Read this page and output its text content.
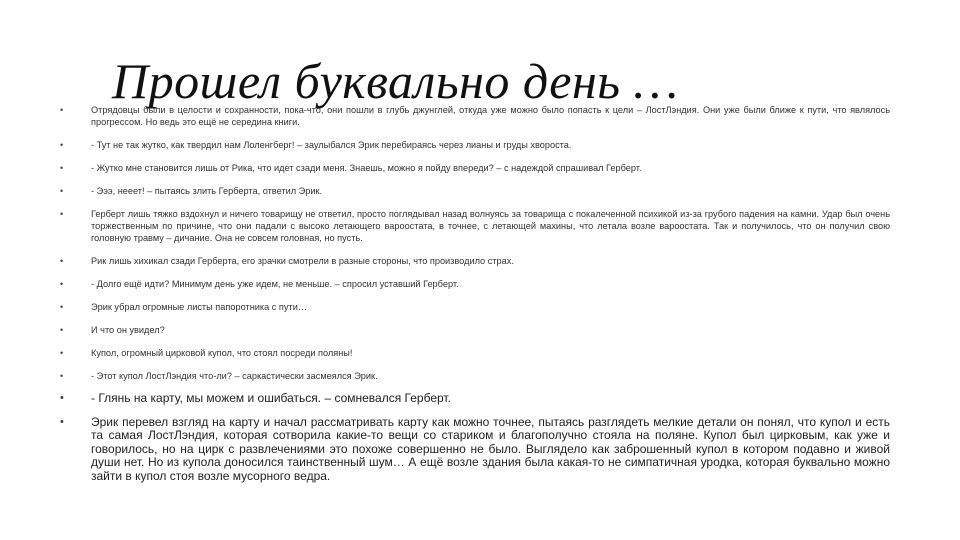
Прошел буквально день …
•	Отрядовцы были в целости и сохранности, пока-что, они пошли в глубь джунглей, откуда уже можно было попасть к цели – ЛостЛэндия. Они уже были ближе к пути, что являлось прогрессом. Но ведь это ещё не середина книги.
•	- Тут не так жутко, как твердил нам Лоленгберг! – заулыбался Эрик перебираясь через лианы и груды хвороста.
•	- Жутко мне становится лишь от Рика, что идет сзади меня. Знаешь, можно я пойду впереди? – с надеждой спрашивал Герберт.
•	- Эээ, нееет! – пытаясь злить Герберта, ответил Эрик.
•	Герберт лишь тяжко вздохнул и ничего товарищу не ответил, просто поглядывал назад волнуясь за товарища с покалеченной психикой из-за грубого падения на камни. Удар был очень торжественным по причине, что они падали с высоко летающего вароостата, в точнее, с летающей махины, что летала возле вароостата. Так и получилось, что он получил свою головную травму – дичание. Она не совсем головная, но пусть.
•	Рик лишь хихикал сзади Герберта, его зрачки смотрели в разные стороны, что производило страх.
•	- Долго ещё идти? Минимум день уже идем, не меньше. – спросил уставший Герберт.
•	Эрик убрал огромные листы папоротника с пути…
•	И что он увидел?
•	Купол, огромный цирковой купол, что стоял посреди поляны!
•	- Этот купол ЛостЛэндия что-ли? – саркастически засмеялся Эрик.
•	- Глянь на карту, мы можем и ошибаться. – сомневался Герберт.
•	Эрик перевел взгляд на карту и начал рассматривать карту как можно точнее, пытаясь разглядеть мелкие детали он понял, что купол и есть та самая ЛостЛэндия, которая сотворила какие-то вещи со стариком и благополучно стояла на поляне. Купол был цирковым, как уже и говорилось, но на цирк с развлечениями это похоже совершенно не было. Выглядело как заброшенный купол в котором подавно и живой души нет. Но из купола доносился таинственный шум… А ещё возле здания была какая-то не симпатичная уродка, которая буквально можно зайти в купол стоя возле мусорного ведра.
